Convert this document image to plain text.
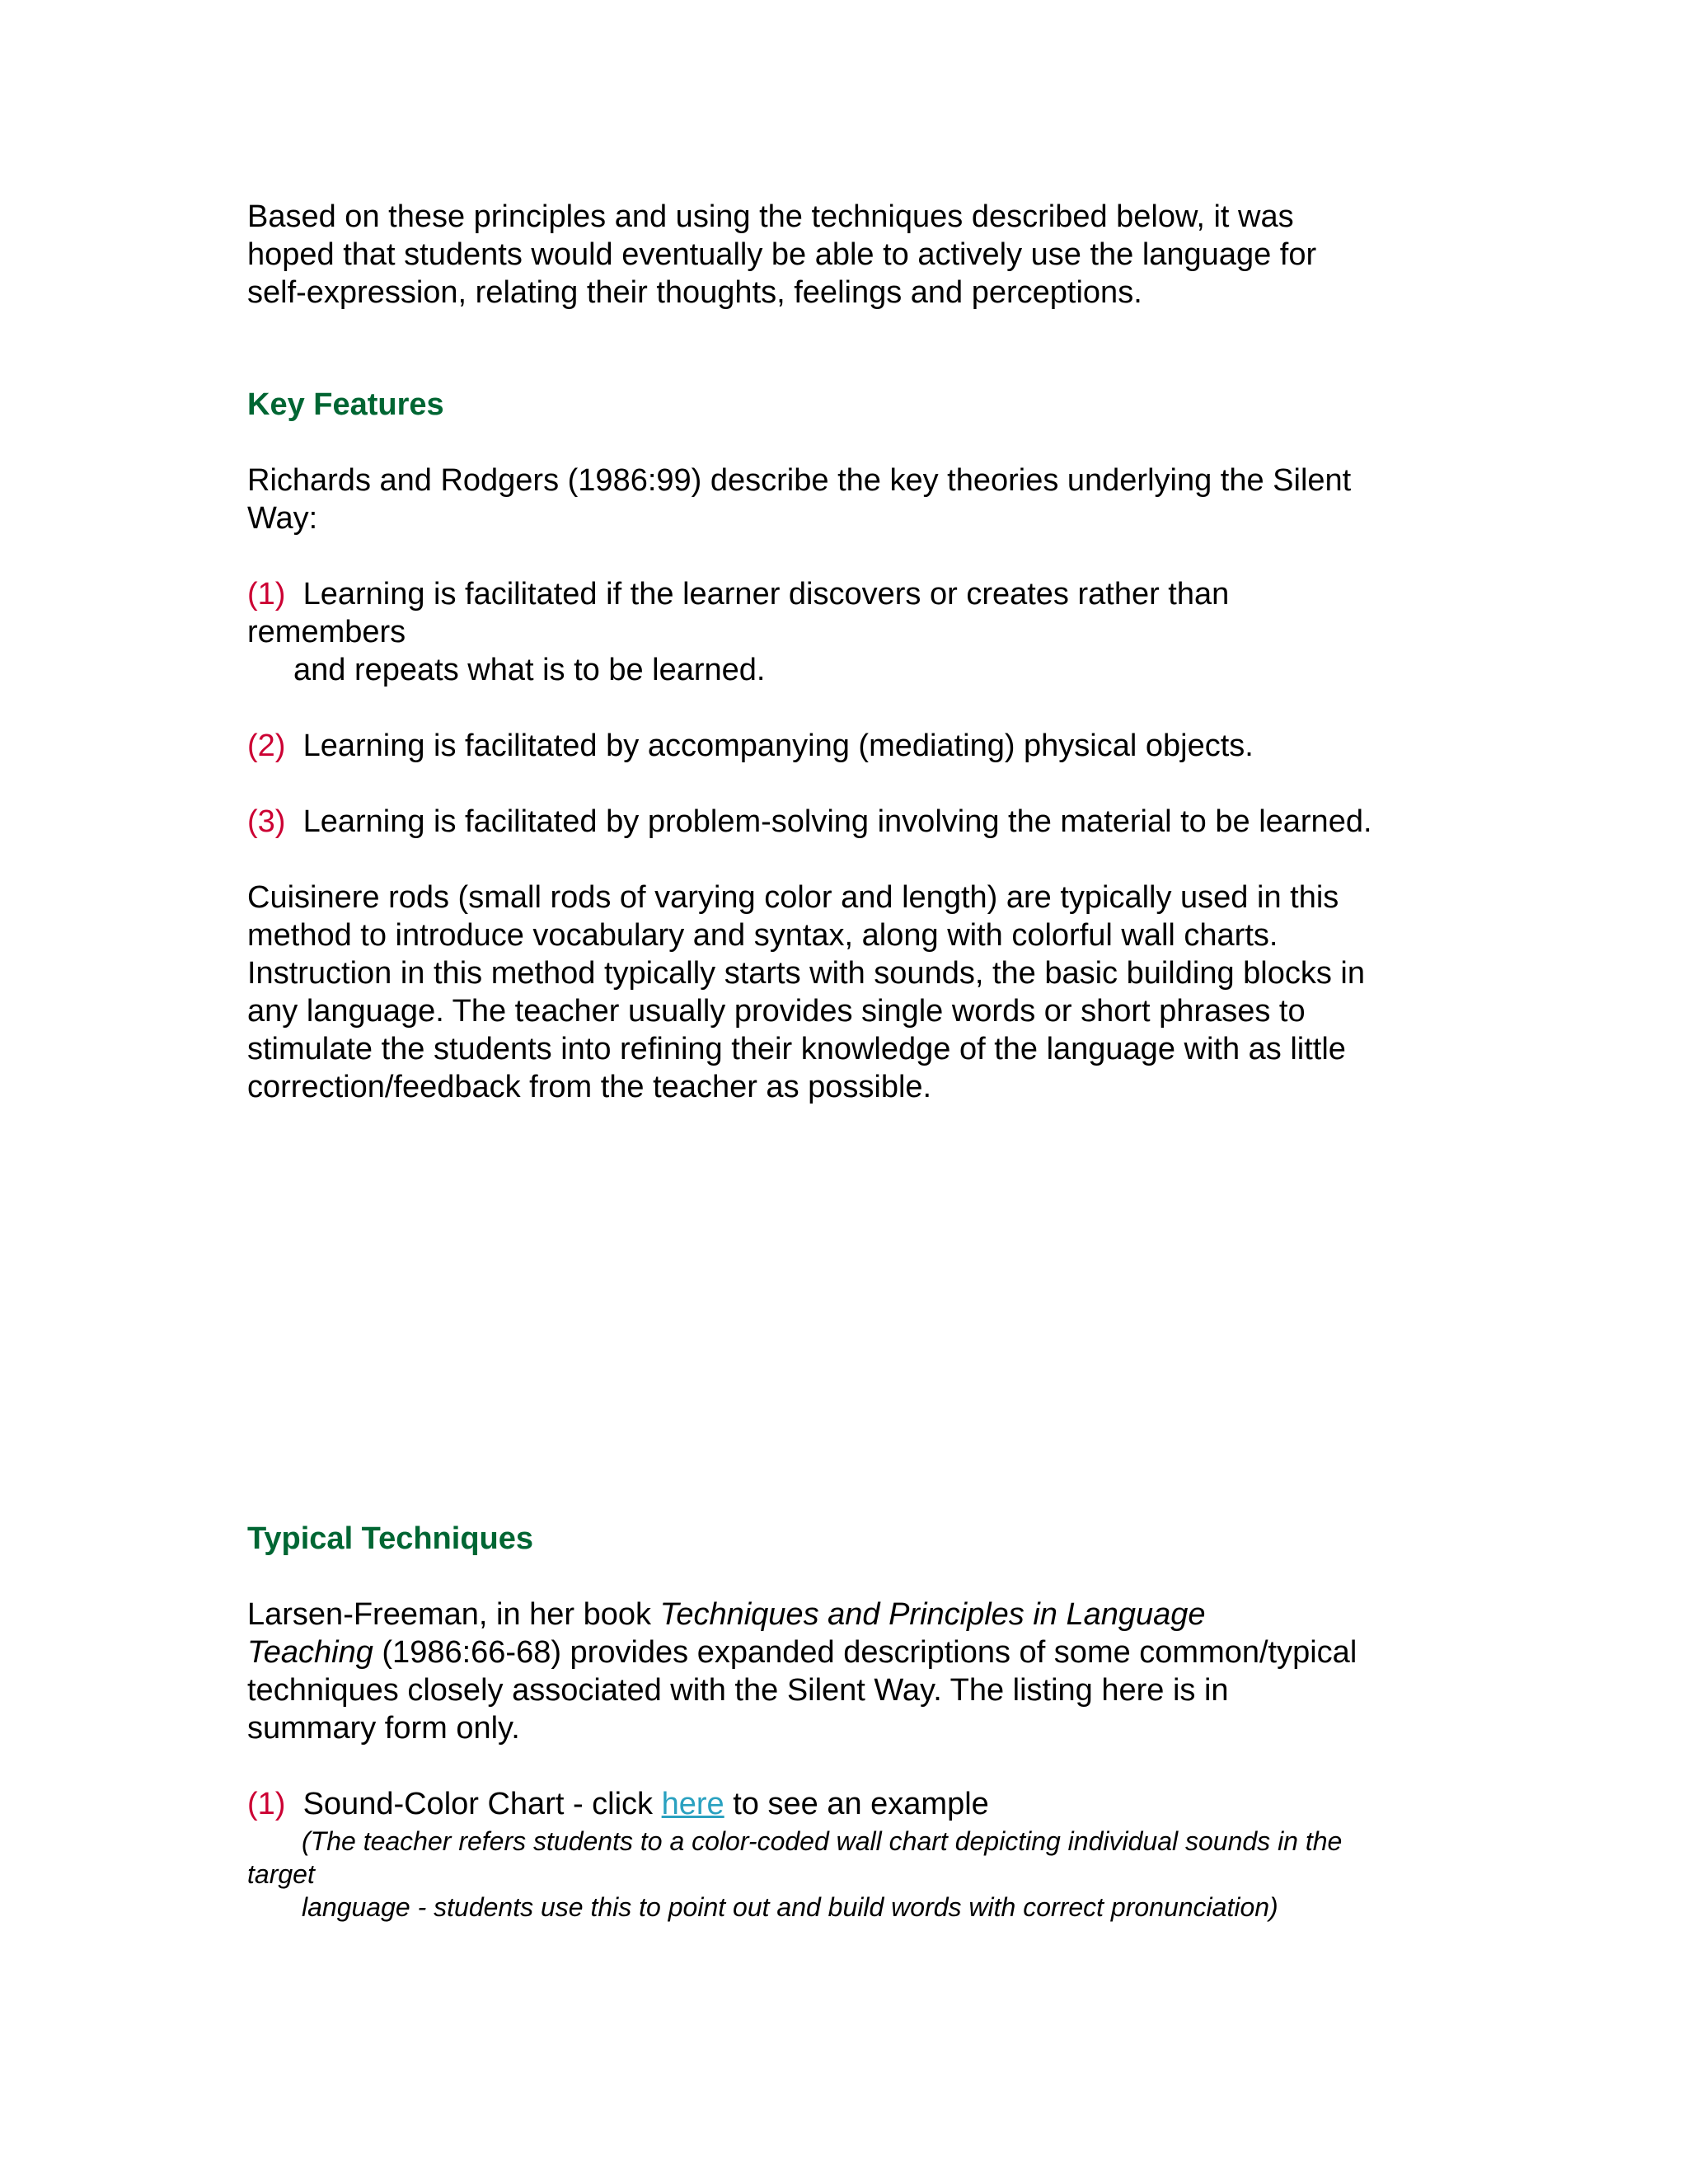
Based on these principles and using the techniques described below, it was
hoped that students would eventually be able to actively use the language for
self-expression, relating their thoughts, feelings and perceptions.

Key Features

Richards and Rodgers (1986:99) describe the key theories underlying the Silent
Way:

(1) Learning is facilitated if the learner discovers or creates rather than
remembers
and repeats what is to be learned.

(2) Learning is facilitated by accompanying (mediating) physical objects.

(3) Learning is facilitated by problem-solving involving the material to be learned.

Cuisinere rods (small rods of varying color and length) are typically used in this
method to introduce vocabulary and syntax, along with colorful wall charts.
Instruction in this method typically starts with sounds, the basic building blocks in
any language. The teacher usually provides single words or short phrases to
stimulate the students into refining their knowledge of the language with as little
correction/feedback from the teacher as possible.

Typical Techniques

Larsen-Freeman, in her book Techniques and Principles in Language
Teaching (1986:66-68) provides expanded descriptions of some common/typical
techniques closely associated with the Silent Way. The listing here is in
summary form only.

(1) Sound-Color Chart - click here to see an example

(The teacher refers students to a color-coded wall chart depicting individual sounds in the
target
language - students use this to point out and build words with correct pronunciation)
